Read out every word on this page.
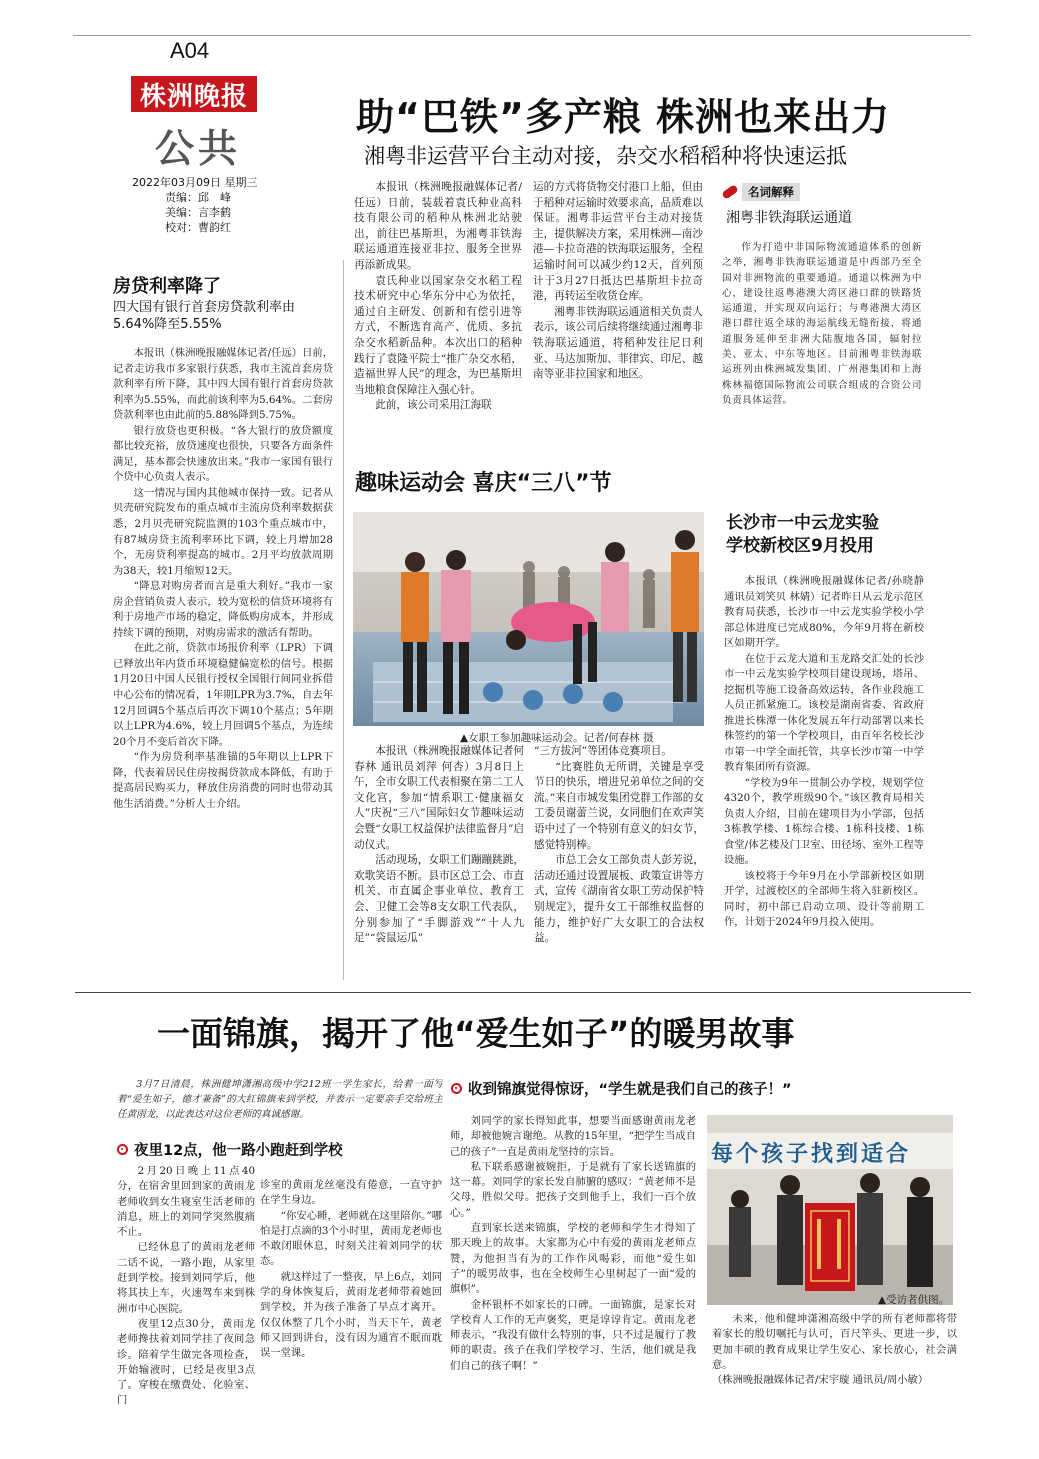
A04
株洲晚报
公共
2022年03月09日 星期三
责编：邱　峰
美编：言李鹤
校对：曹韵红
助“巴铁”多产粮 株洲也来出力
湘粤非运营平台主动对接，杂交水稻稻种将快速运抵

本报讯（株洲晚报融媒体记者/任远）日前，装载着袁氏种业高科技有限公司的稻种从株洲北站驶出，前往巴基斯坦，为湘粤非铁海联运通道连接亚非拉、服务全世界再添新成果。

袁氏种业以国家杂交水稻工程技术研究中心华东分中心为依托，通过自主研发、创新和有偿引进等方式，不断选育高产、优质、多抗杂交水稻新品种。本次出口的稻种践行了袁隆平院士“推广杂交水稻，造福世界人民”的理念，为巴基斯坦当地粮食保障注入强心针。

此前，该公司采用江海联

运的方式将货物交付港口上船，但由于稻种对运输时效要求高，品质难以保证。湘粤非运营平台主动对接货主，提供解决方案，采用株洲—南沙港—卡拉奇港的铁海联运服务，全程运输时间可以减少约12天，首列预计于3月27日抵达巴基斯坦卡拉奇港，再转运至收货仓库。

湘粤非铁海联运通道相关负责人表示，该公司后续将继续通过湘粤非铁海联运通道，将稻种发往尼日利亚、马达加斯加、菲律宾、印尼、越南等亚非拉国家和地区。

名词解释
湘粤非铁海联运通道

作为打造中非国际物流通道体系的创新之举，湘粤非铁海联运通道是中西部乃至全国对非洲物流的重要通道。通道以株洲为中心，建设往返粤港澳大湾区港口群的铁路货运通道，并实现双向运行；与粤港澳大湾区港口群往返全球的海运航线无缝衔接，将通道服务延伸至非洲大陆腹地各国，辐射拉美、亚太、中东等地区。目前湘粤非铁海联运班列由株洲城发集团、广州港集团和上海株林福德国际物流公司联合组成的合资公司负责具体运营。

房贷利率降了
四大国有银行首套房贷款利率由5.64%降至5.55%

本报讯（株洲晚报融媒体记者/任远）日前，记者走访我市多家银行获悉，我市主流首套房贷款利率有所下降，其中四大国有银行首套房贷款利率为5.55%，而此前该利率为5.64%。二套房贷款利率也由此前的5.88%降到5.75%。

银行放贷也更积极。“各大银行的放贷额度都比较充裕，放贷速度也很快，只要各方面条件满足，基本都会快速放出来。”我市一家国有银行个贷中心负责人表示。

这一情况与国内其他城市保持一致。记者从贝壳研究院发布的重点城市主流房贷利率数据获悉，2月贝壳研究院监测的103个重点城市中，有87城房贷主流利率环比下调，较上月增加28个，无房贷利率提高的城市。2月平均放款周期为38天，较1月缩短12天。

“降息对购房者而言是重大利好。”我市一家房企营销负责人表示，较为宽松的信贷环境将有利于房地产市场的稳定，降低购房成本，并形成持续下调的预期，对购房需求的激活有帮助。

在此之前，贷款市场报价利率（LPR）下调已释放出年内货币环境稳健偏宽松的信号。根据1月20日中国人民银行授权全国银行间同业拆借中心公布的情况看，1年期LPR为3.7%，自去年12月回调5个基点后再次下调10个基点；5年期以上LPR为4.6%，较上月回调5个基点，为连续20个月不变后首次下降。

“作为房贷利率基准锚的5年期以上LPR下降，代表着居民住房按揭贷款成本降低，有助于提高居民购买力，释放住房消费的同时也带动其他生活消费。”分析人士介绍。

趣味运动会 喜庆“三八”节
▲女职工参加趣味运动会。记者/何春林 摄

本报讯（株洲晚报融媒体记者何春林 通讯员刘萍 何杏）3月8日上午，全市女职工代表相聚在第二工人文化宫，参加“情系职工·健康福女人”庆祝“三八”国际妇女节趣味运动会暨“女职工权益保护法律监督月”启动仪式。

活动现场，女职工们蹦蹦跳跳，欢歌笑语不断。县市区总工会、市直机关、市直属企事业单位、教育工会、卫健工会等8支女职工代表队，分别参加了“手脚游戏”“十人九足”“袋鼠运瓜”

“三方拔河”等团体竞赛项目。

“比赛胜负无所谓，关键是享受节日的快乐，增进兄弟单位之间的交流。”来自市城发集团党群工作部的女工委员谢蕾兰说，女同胞们在欢声笑语中过了一个特别有意义的妇女节，感觉特别棒。

市总工会女工部负责人彭芳说，活动还通过设置展板、政策宣讲等方式，宣传《湖南省女职工劳动保护特别规定》，提升女工干部维权监督的能力，维护好广大女职工的合法权益。

长沙市一中云龙实验
学校新校区9月投用

本报讯（株洲晚报融媒体记者/孙晓静 通讯员刘笑贝 林婧）记者昨日从云龙示范区教育局获悉，长沙市一中云龙实验学校小学部总体进度已完成80%，今年9月将在新校区如期开学。

在位于云龙大道和玉龙路交汇处的长沙市一中云龙实验学校项目建设现场，塔吊、挖掘机等施工设备高效运转，各作业段施工人员正抓紧施工。该校是湖南省委、省政府推进长株潭一体化发展五年行动部署以来长株签约的第一个学校项目，由百年名校长沙市第一中学全面托管，共享长沙市第一中学教育集团所有资源。

“学校为9年一贯制公办学校，规划学位4320个，教学班级90个。”该区教育局相关负责人介绍，目前在建项目为小学部，包括3栋教学楼、1栋综合楼、1栋科技楼、1栋食堂/体艺楼及门卫室、田径场、室外工程等设施。

该校将于今年9月在小学部新校区如期开学，过渡校区的全部师生将入驻新校区。同时，初中部已启动立项、设计等前期工作，计划于2024年9月投入使用。

一面锦旗，揭开了他“爱生如子”的暖男故事

3月7日清晨，株洲健坤潇湘高级中学212班一学生家长，给着一面写着“爱生如子，德才兼备”的大红锦旗来到学校，并表示一定要亲手交给班主任黄雨龙，以此表达对这位老师的真诚感谢。

夜里12点，他一路小跑赶到学校

2月20日晚上11点40分，在宿舍里回到家的黄雨龙老师收到女生寝室生活老师的消息，班上的刘同学突然腹痛不止。

已经休息了的黄雨龙老师二话不说，一路小跑，从家里赶到学校。接到刘同学后，他将其扶上车，火速驾车来到株洲市中心医院。

夜里12点30分，黄雨龙老师搀扶着刘同学挂了夜间急诊。陪着学生做完各项检查，开始输液时，已经是夜里3点了。穿梭在缴费处、化验室、门

诊室的黄雨龙丝毫没有倦意，一直守护在学生身边。

“你安心睡，老师就在这里陪你。”哪怕是打点滴的3个小时里，黄雨龙老师也不敢闭眼休息，时刻关注着刘同学的状态。

就这样过了一整夜，早上6点，刘同学的身体恢复后，黄雨龙老师带着她回到学校，并为孩子准备了早点才离开。仅仅休整了几个小时，当天下午，黄老师又回到讲台，没有因为通宵不眠而耽误一堂课。

收到锦旗觉得惊讶，“学生就是我们自己的孩子！”

刘同学的家长得知此事，想要当面感谢黄雨龙老师，却被他婉言谢绝。从教的15年里，“把学生当成自己的孩子”一直是黄雨龙坚持的宗旨。

私下联系感谢被婉拒，于是就有了家长送锦旗的这一幕。刘同学的家长发自肺腑的感叹：“黄老师不是父母，胜似父母。把孩子交到他手上，我们一百个放心。”

直到家长送来锦旗，学校的老师和学生才得知了那天晚上的故事。大家都为心中有爱的黄雨龙老师点赞，为他担当有为的工作作风喝彩，而他“爱生如子”的暖男故事，也在全校师生心里树起了一面“爱的旗帜”。

金杯银杯不如家长的口碑。一面锦旗，是家长对学校育人工作的无声褒奖，更是谆谆肯定。黄雨龙老师表示，“我没有做什么特别的事，只不过是履行了教师的职责。孩子在我们学校学习、生活，他们就是我们自己的孩子啊！”

每个孩子找到适合
▲受访者供图。

未来，他和健坤潇湘高级中学的所有老师都将带着家长的殷切嘱托与认可，百尺竿头、更进一步，以更加丰硕的教育成果让学生安心、家长放心，社会满意。

（株洲晚报融媒体记者/宋宇璇 通讯员/周小敏）
